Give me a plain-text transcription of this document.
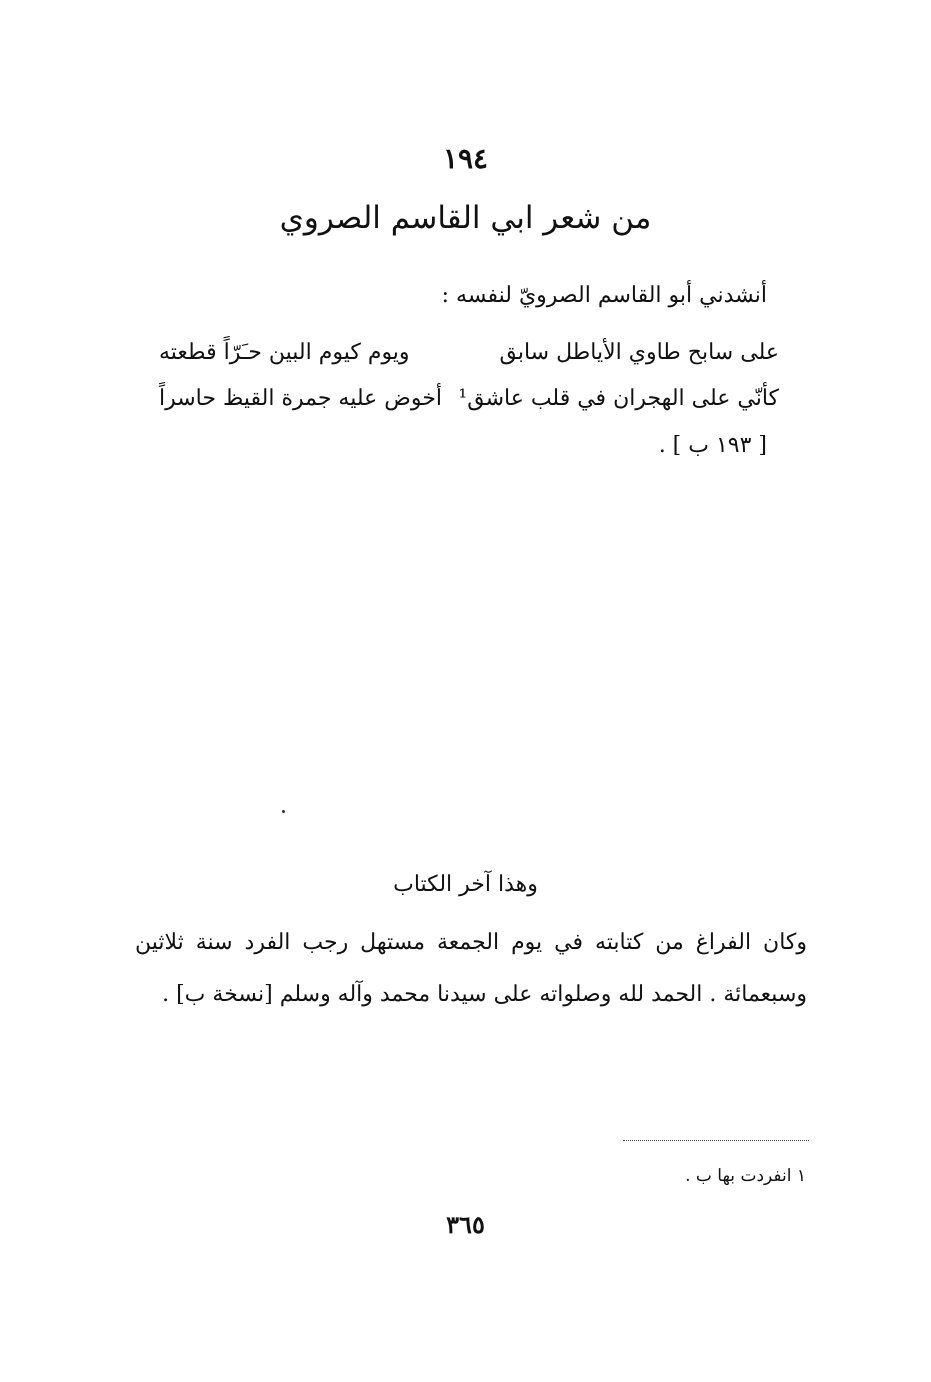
١٩٤
من شعر ابي القاسم الصروي
أنشدني أبو القاسم الصرويّ لنفسه :
ويوم كيوم البين حـَرّاً قطعته	على سابح طاوي الأياطل سابق
أخوض عليه جمرة القيظ حاسراً كأنّي على الهجران في قلب عاشق¹
[ ١٩٣ ب ] .
وهذا آخر الكتاب
وكان الفراغ من كتابته في يوم الجمعة مستهل رجب الفرد سنة ثلاثين
وسبعمائة . الحمد لله وصلواته على سيدنا محمد وآله وسلم [نسخة ب] .
١ انفردت بها ب .
٣٦٥
